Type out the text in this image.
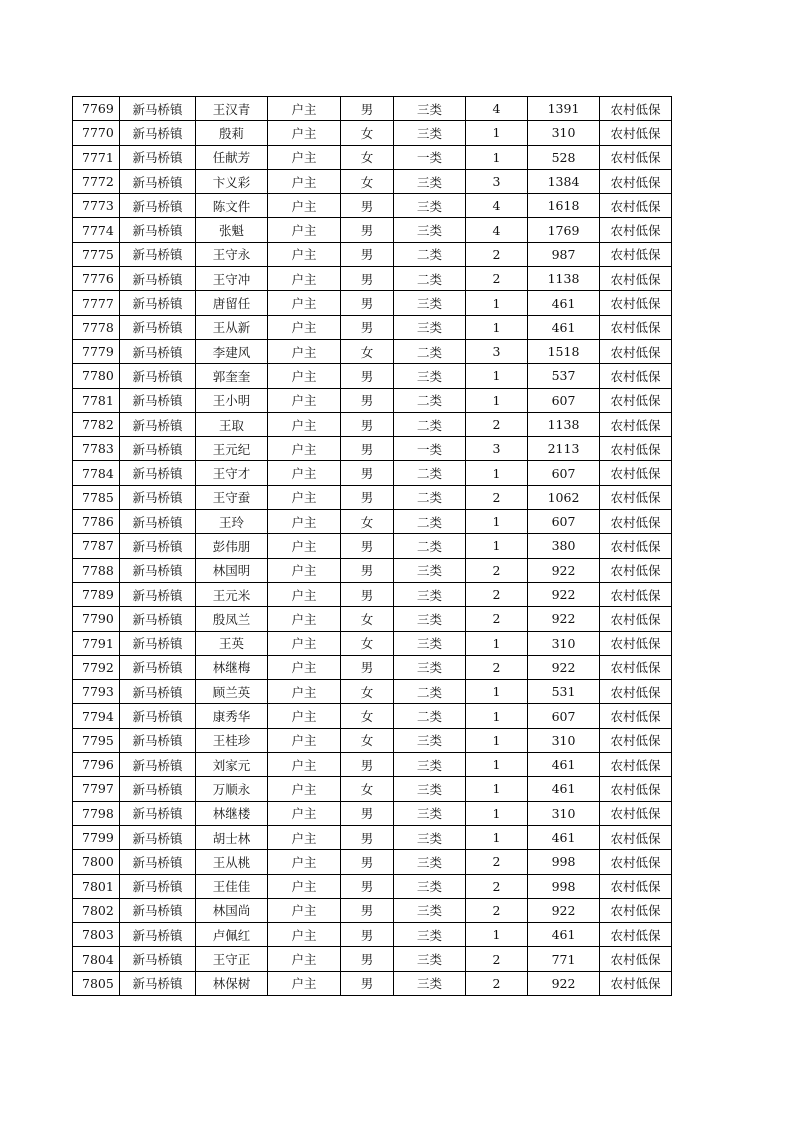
7769	新马桥镇	王汉青	户主	男	三类	4	1391	农村低保
7770	新马桥镇	殷莉	户主	女	三类	1	310	农村低保
7771	新马桥镇	任献芳	户主	女	一类	1	528	农村低保
7772	新马桥镇	卞义彩	户主	女	三类	3	1384	农村低保
7773	新马桥镇	陈文件	户主	男	三类	4	1618	农村低保
7774	新马桥镇	张魁	户主	男	三类	4	1769	农村低保
7775	新马桥镇	王守永	户主	男	二类	2	987	农村低保
7776	新马桥镇	王守冲	户主	男	二类	2	1138	农村低保
7777	新马桥镇	唐留任	户主	男	三类	1	461	农村低保
7778	新马桥镇	王从新	户主	男	三类	1	461	农村低保
7779	新马桥镇	李建风	户主	女	二类	3	1518	农村低保
7780	新马桥镇	郭奎奎	户主	男	三类	1	537	农村低保
7781	新马桥镇	王小明	户主	男	二类	1	607	农村低保
7782	新马桥镇	王取	户主	男	二类	2	1138	农村低保
7783	新马桥镇	王元纪	户主	男	一类	3	2113	农村低保
7784	新马桥镇	王守才	户主	男	二类	1	607	农村低保
7785	新马桥镇	王守蚕	户主	男	二类	2	1062	农村低保
7786	新马桥镇	王玲	户主	女	二类	1	607	农村低保
7787	新马桥镇	彭伟朋	户主	男	二类	1	380	农村低保
7788	新马桥镇	林国明	户主	男	三类	2	922	农村低保
7789	新马桥镇	王元米	户主	男	三类	2	922	农村低保
7790	新马桥镇	殷凤兰	户主	女	三类	2	922	农村低保
7791	新马桥镇	王英	户主	女	三类	1	310	农村低保
7792	新马桥镇	林继梅	户主	男	三类	2	922	农村低保
7793	新马桥镇	顾兰英	户主	女	二类	1	531	农村低保
7794	新马桥镇	康秀华	户主	女	二类	1	607	农村低保
7795	新马桥镇	王桂珍	户主	女	三类	1	310	农村低保
7796	新马桥镇	刘家元	户主	男	三类	1	461	农村低保
7797	新马桥镇	万顺永	户主	女	三类	1	461	农村低保
7798	新马桥镇	林继楼	户主	男	三类	1	310	农村低保
7799	新马桥镇	胡士林	户主	男	三类	1	461	农村低保
7800	新马桥镇	王从桃	户主	男	三类	2	998	农村低保
7801	新马桥镇	王佳佳	户主	男	三类	2	998	农村低保
7802	新马桥镇	林国尚	户主	男	三类	2	922	农村低保
7803	新马桥镇	卢佩红	户主	男	三类	1	461	农村低保
7804	新马桥镇	王守正	户主	男	三类	2	771	农村低保
7805	新马桥镇	林保树	户主	男	三类	2	922	农村低保
